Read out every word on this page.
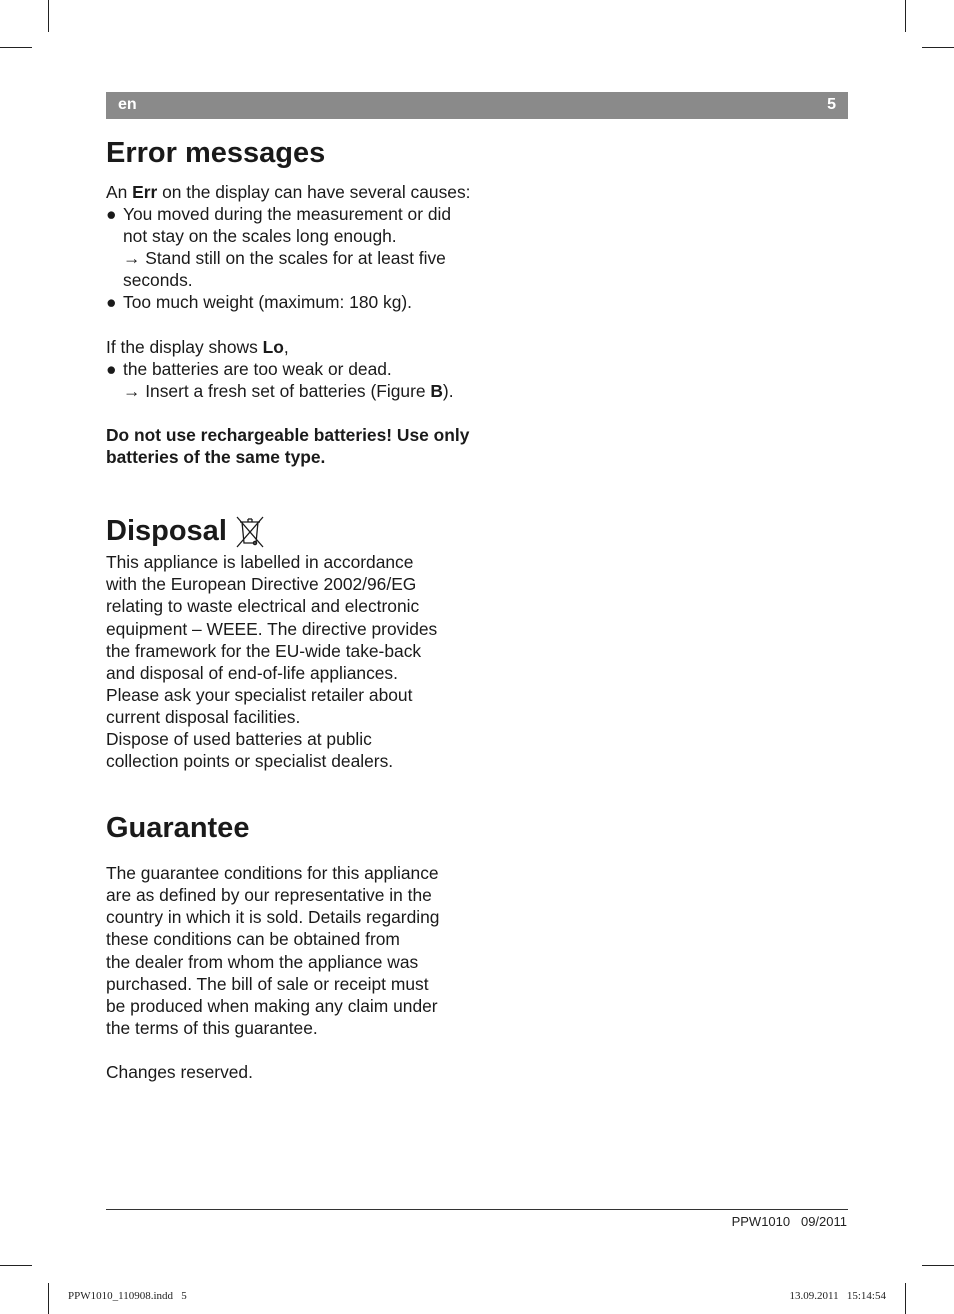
en	5
Error messages

An Err on the display can have several causes:

● You moved during the measurement or did not stay on the scales long enough.
→ Stand still on the scales for at least five seconds.
● Too much weight (maximum: 180 kg).

If the display shows Lo,

● the batteries are too weak or dead.
→ Insert a fresh set of batteries (Figure B).

Do not use rechargeable batteries! Use only batteries of the same type.

Disposal

This appliance is labelled in accordance
with the European Directive 2002/96/EG
relating to waste electrical and electronic
equipment – WEEE. The directive provides
the framework for the EU-wide take-back
and disposal of end-of-life appliances.
Please ask your specialist retailer about
current disposal facilities.
Dispose of used batteries at public
collection points or specialist dealers.

Guarantee

The guarantee conditions for this appliance
are as defined by our representative in the
country in which it is sold. Details regarding
these conditions can be obtained from
the dealer from whom the appliance was
purchased. The bill of sale or receipt must
be produced when making any claim under
the terms of this guarantee.

Changes reserved.

PPW1010   09/2011
PPW1010_110908.indd   5	13.09.2011   15:14:54
